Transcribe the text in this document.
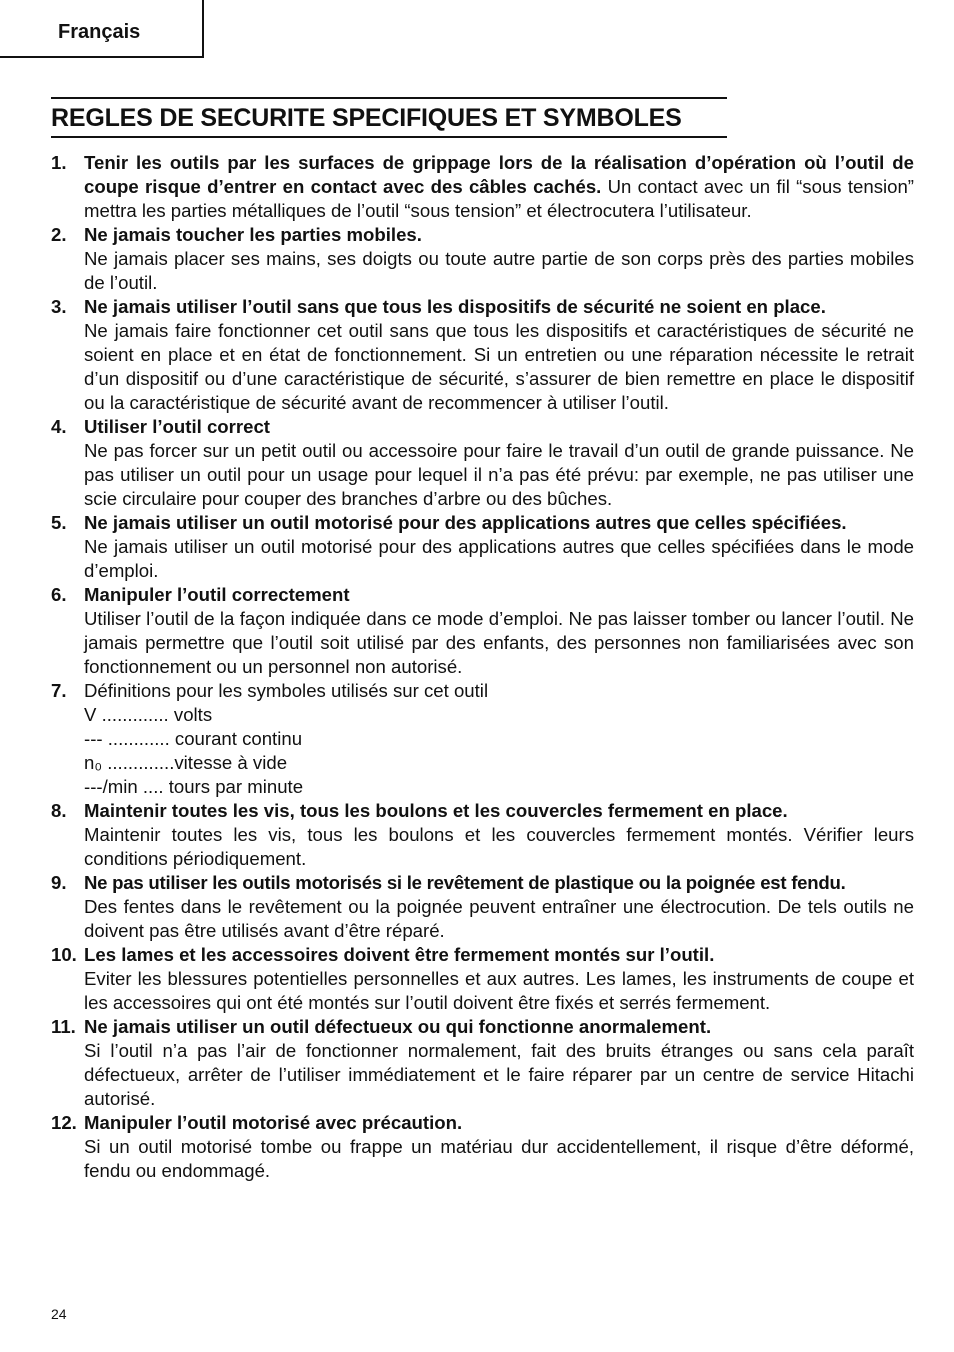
Français
REGLES DE SECURITE SPECIFIQUES ET SYMBOLES
1. Tenir les outils par les surfaces de grippage lors de la réalisation d’opération où l’outil de coupe risque d’entrer en contact avec des câbles cachés. Un contact avec un fil “sous tension” mettra les parties métalliques de l’outil “sous tension” et électrocutera l’utilisateur.
2. Ne jamais toucher les parties mobiles.
Ne jamais placer ses mains, ses doigts ou toute autre partie de son corps près des parties mobiles de l’outil.
3. Ne jamais utiliser l’outil sans que tous les dispositifs de sécurité ne soient en place.
Ne jamais faire fonctionner cet outil sans que tous les dispositifs et caractéristiques de sécurité ne soient en place et en état de fonctionnement. Si un entretien ou une réparation nécessite le retrait d’un dispositif ou d’une caractéristique de sécurité, s’assurer de bien remettre en place le dispositif ou la caractéristique de sécurité avant de recommencer à utiliser l’outil.
4. Utiliser l’outil correct
Ne pas forcer sur un petit outil ou accessoire pour faire le travail d’un outil de grande puissance. Ne pas utiliser un outil pour un usage pour lequel il n’a pas été prévu: par exemple, ne pas utiliser une scie circulaire pour couper des branches d’arbre ou des bûches.
5. Ne jamais utiliser un outil motorisé pour des applications autres que celles spécifiées.
Ne jamais utiliser un outil motorisé pour des applications autres que celles spécifiées dans le mode d’emploi.
6. Manipuler l’outil correctement
Utiliser l’outil de la façon indiquée dans ce mode d’emploi. Ne pas laisser tomber ou lancer l’outil. Ne jamais permettre que l’outil soit utilisé par des enfants, des personnes non familiarisées avec son fonctionnement ou un personnel non autorisé.
7. Définitions pour les symboles utilisés sur cet outil
V ............. volts
--- ............ courant continu
n₀ .............vitesse à vide
---/min .... tours par minute
8. Maintenir toutes les vis, tous les boulons et les couvercles fermement en place.
Maintenir toutes les vis, tous les boulons et les couvercles fermement montés. Vérifier leurs conditions périodiquement.
9. Ne pas utiliser les outils motorisés si le revêtement de plastique ou la poignée est fendu.
Des fentes dans le revêtement ou la poignée peuvent entraîner une électrocution. De tels outils ne doivent pas être utilisés avant d’être réparé.
10. Les lames et les accessoires doivent être fermement montés sur l’outil.
Eviter les blessures potentielles personnelles et aux autres. Les lames, les instruments de coupe et les accessoires qui ont été montés sur l’outil doivent être fixés et serrés fermement.
11. Ne jamais utiliser un outil défectueux ou qui fonctionne anormalement.
Si l’outil n’a pas l’air de fonctionner normalement, fait des bruits étranges ou sans cela paraît défectueux, arrêter de l’utiliser immédiatement et le faire réparer par un centre de service Hitachi autorisé.
12. Manipuler l’outil motorisé avec précaution.
Si un outil motorisé tombe ou frappe un matériau dur accidentellement, il risque d’être déformé, fendu ou endommagé.
24
